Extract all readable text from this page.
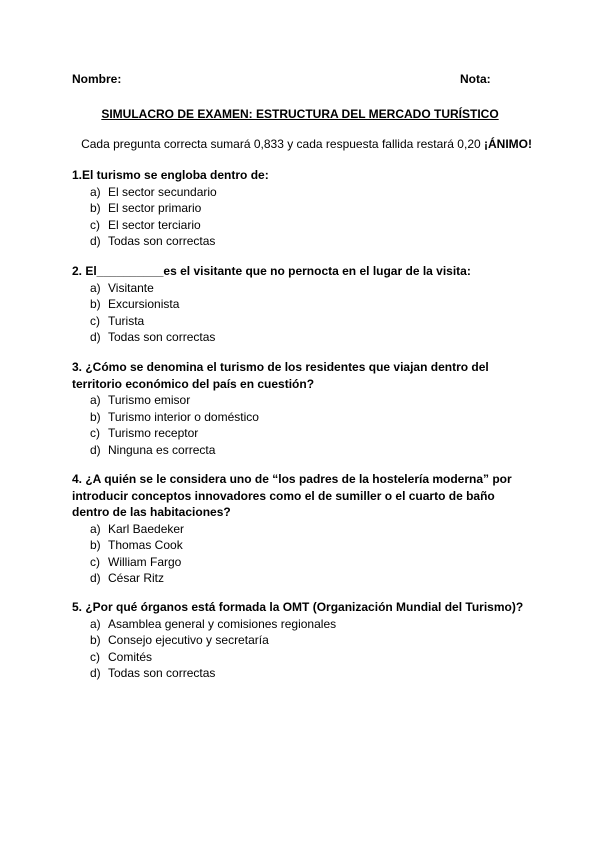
Nombre:	Nota:
SIMULACRO DE EXAMEN: ESTRUCTURA DEL MERCADO TURÍSTICO
Cada pregunta correcta sumará 0,833 y cada respuesta fallida restará 0,20 ¡ÁNIMO!

1.El turismo se engloba dentro de:

a) El sector secundario
b) El sector primario
c) El sector terciario
d) Todas son correctas

2. El__________es el visitante que no pernocta en el lugar de la visita:

a) Visitante
b) Excursionista
c) Turista
d) Todas son correctas

3. ¿Cómo se denomina el turismo de los residentes que viajan dentro del territorio económico del país en cuestión?

a) Turismo emisor
b) Turismo interior o doméstico
c) Turismo receptor
d) Ninguna es correcta

4. ¿A quién se le considera uno de “los padres de la hostelería moderna” por introducir conceptos innovadores como el de sumiller o el cuarto de baño dentro de las habitaciones?

a) Karl Baedeker
b) Thomas Cook
c) William Fargo
d) César Ritz

5. ¿Por qué órganos está formada la OMT (Organización Mundial del Turismo)?

a) Asamblea general y comisiones regionales
b) Consejo ejecutivo y secretaría
c) Comités
d) Todas son correctas
